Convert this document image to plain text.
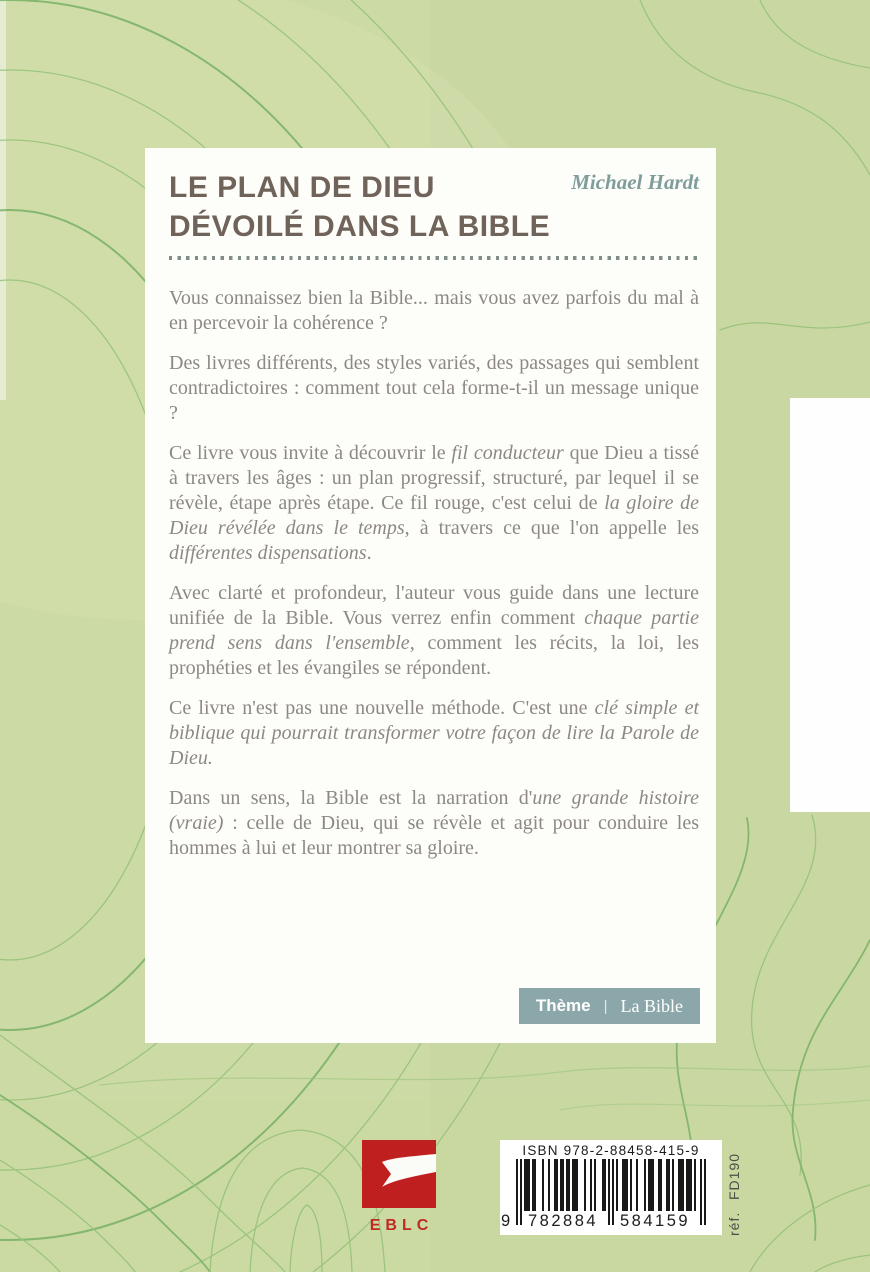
Michael Hardt
LE PLAN DE DIEU
DÉVOILÉ DANS LA BIBLE

Vous connaissez bien la Bible... mais vous avez parfois du mal à en percevoir la cohérence ?

Des livres différents, des styles variés, des passages qui semblent contradictoires : comment tout cela forme-t-il un message unique ?

Ce livre vous invite à découvrir le fil conducteur que Dieu a tissé à travers les âges : un plan progressif, structuré, par lequel il se révèle, étape après étape. Ce fil rouge, c'est celui de la gloire de Dieu révélée dans le temps, à travers ce que l'on appelle les différentes dispensations.

Avec clarté et profondeur, l'auteur vous guide dans une lecture unifiée de la Bible. Vous verrez enfin comment chaque partie prend sens dans l'ensemble, comment les récits, la loi, les prophéties et les évangiles se répondent.

Ce livre n'est pas une nouvelle méthode. C'est une clé simple et biblique qui pourrait transformer votre façon de lire la Parole de Dieu.

Dans un sens, la Bible est la narration d'une grande histoire (vraie) : celle de Dieu, qui se révèle et agit pour conduire les hommes à lui et leur montrer sa gloire.

Thème | La Bible
EBLC
ISBN 978-2-88458-415-9
9 782884 584159	réf.
FD190
